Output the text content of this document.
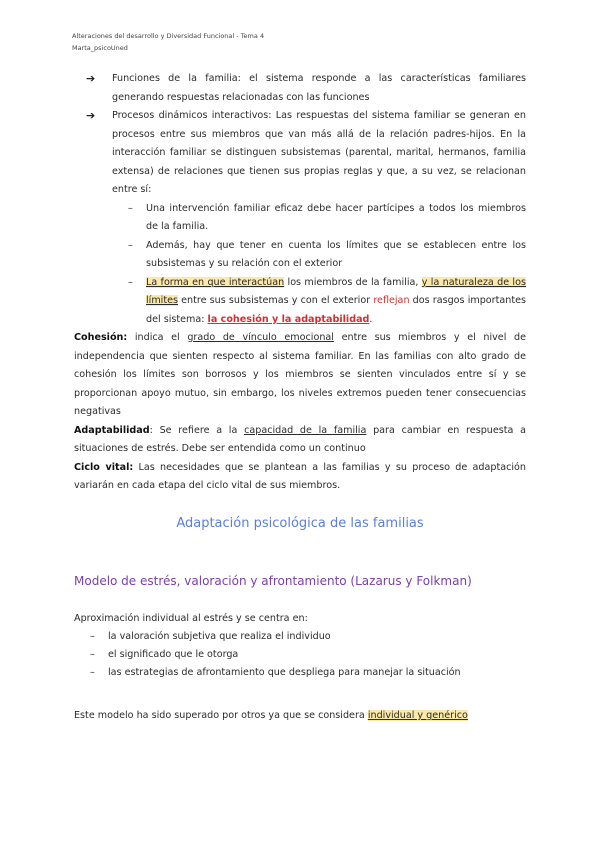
Alteraciones del desarrollo y Diversidad Funcional - Tema 4
Marta_psicoUned
➔ Funciones de la familia: el sistema responde a las características familiares generando respuestas relacionadas con las funciones
➔ Procesos dinámicos interactivos: Las respuestas del sistema familiar se generan en procesos entre sus miembros que van más allá de la relación padres-hijos. En la interacción familiar se distinguen subsistemas (parental, marital, hermanos, familia extensa) de relaciones que tienen sus propias reglas y que, a su vez, se relacionan entre sí:
– Una intervención familiar eficaz debe hacer partícipes a todos los miembros de la familia.
– Además, hay que tener en cuenta los límites que se establecen entre los subsistemas y su relación con el exterior
– La forma en que interactúan los miembros de la familia, y la naturaleza de los límites entre sus subsistemas y con el exterior reflejan dos rasgos importantes del sistema: la cohesión y la adaptabilidad.
Cohesión: indica el grado de vínculo emocional entre sus miembros y el nivel de independencia que sienten respecto al sistema familiar. En las familias con alto grado de cohesión los límites son borrosos y los miembros se sienten vinculados entre sí y se proporcionan apoyo mutuo, sin embargo, los niveles extremos pueden tener consecuencias negativas
Adaptabilidad: Se refiere a la capacidad de la familia para cambiar en respuesta a situaciones de estrés. Debe ser entendida como un continuo
Ciclo vital: Las necesidades que se plantean a las familias y su proceso de adaptación variarán en cada etapa del ciclo vital de sus miembros.
Adaptación psicológica de las familias
Modelo de estrés, valoración y afrontamiento (Lazarus y Folkman)
Aproximación individual al estrés y se centra en:
– la valoración subjetiva que realiza el individuo
– el significado que le otorga
– las estrategias de afrontamiento que despliega para manejar la situación
Este modelo ha sido superado por otros ya que se considera individual y genérico
